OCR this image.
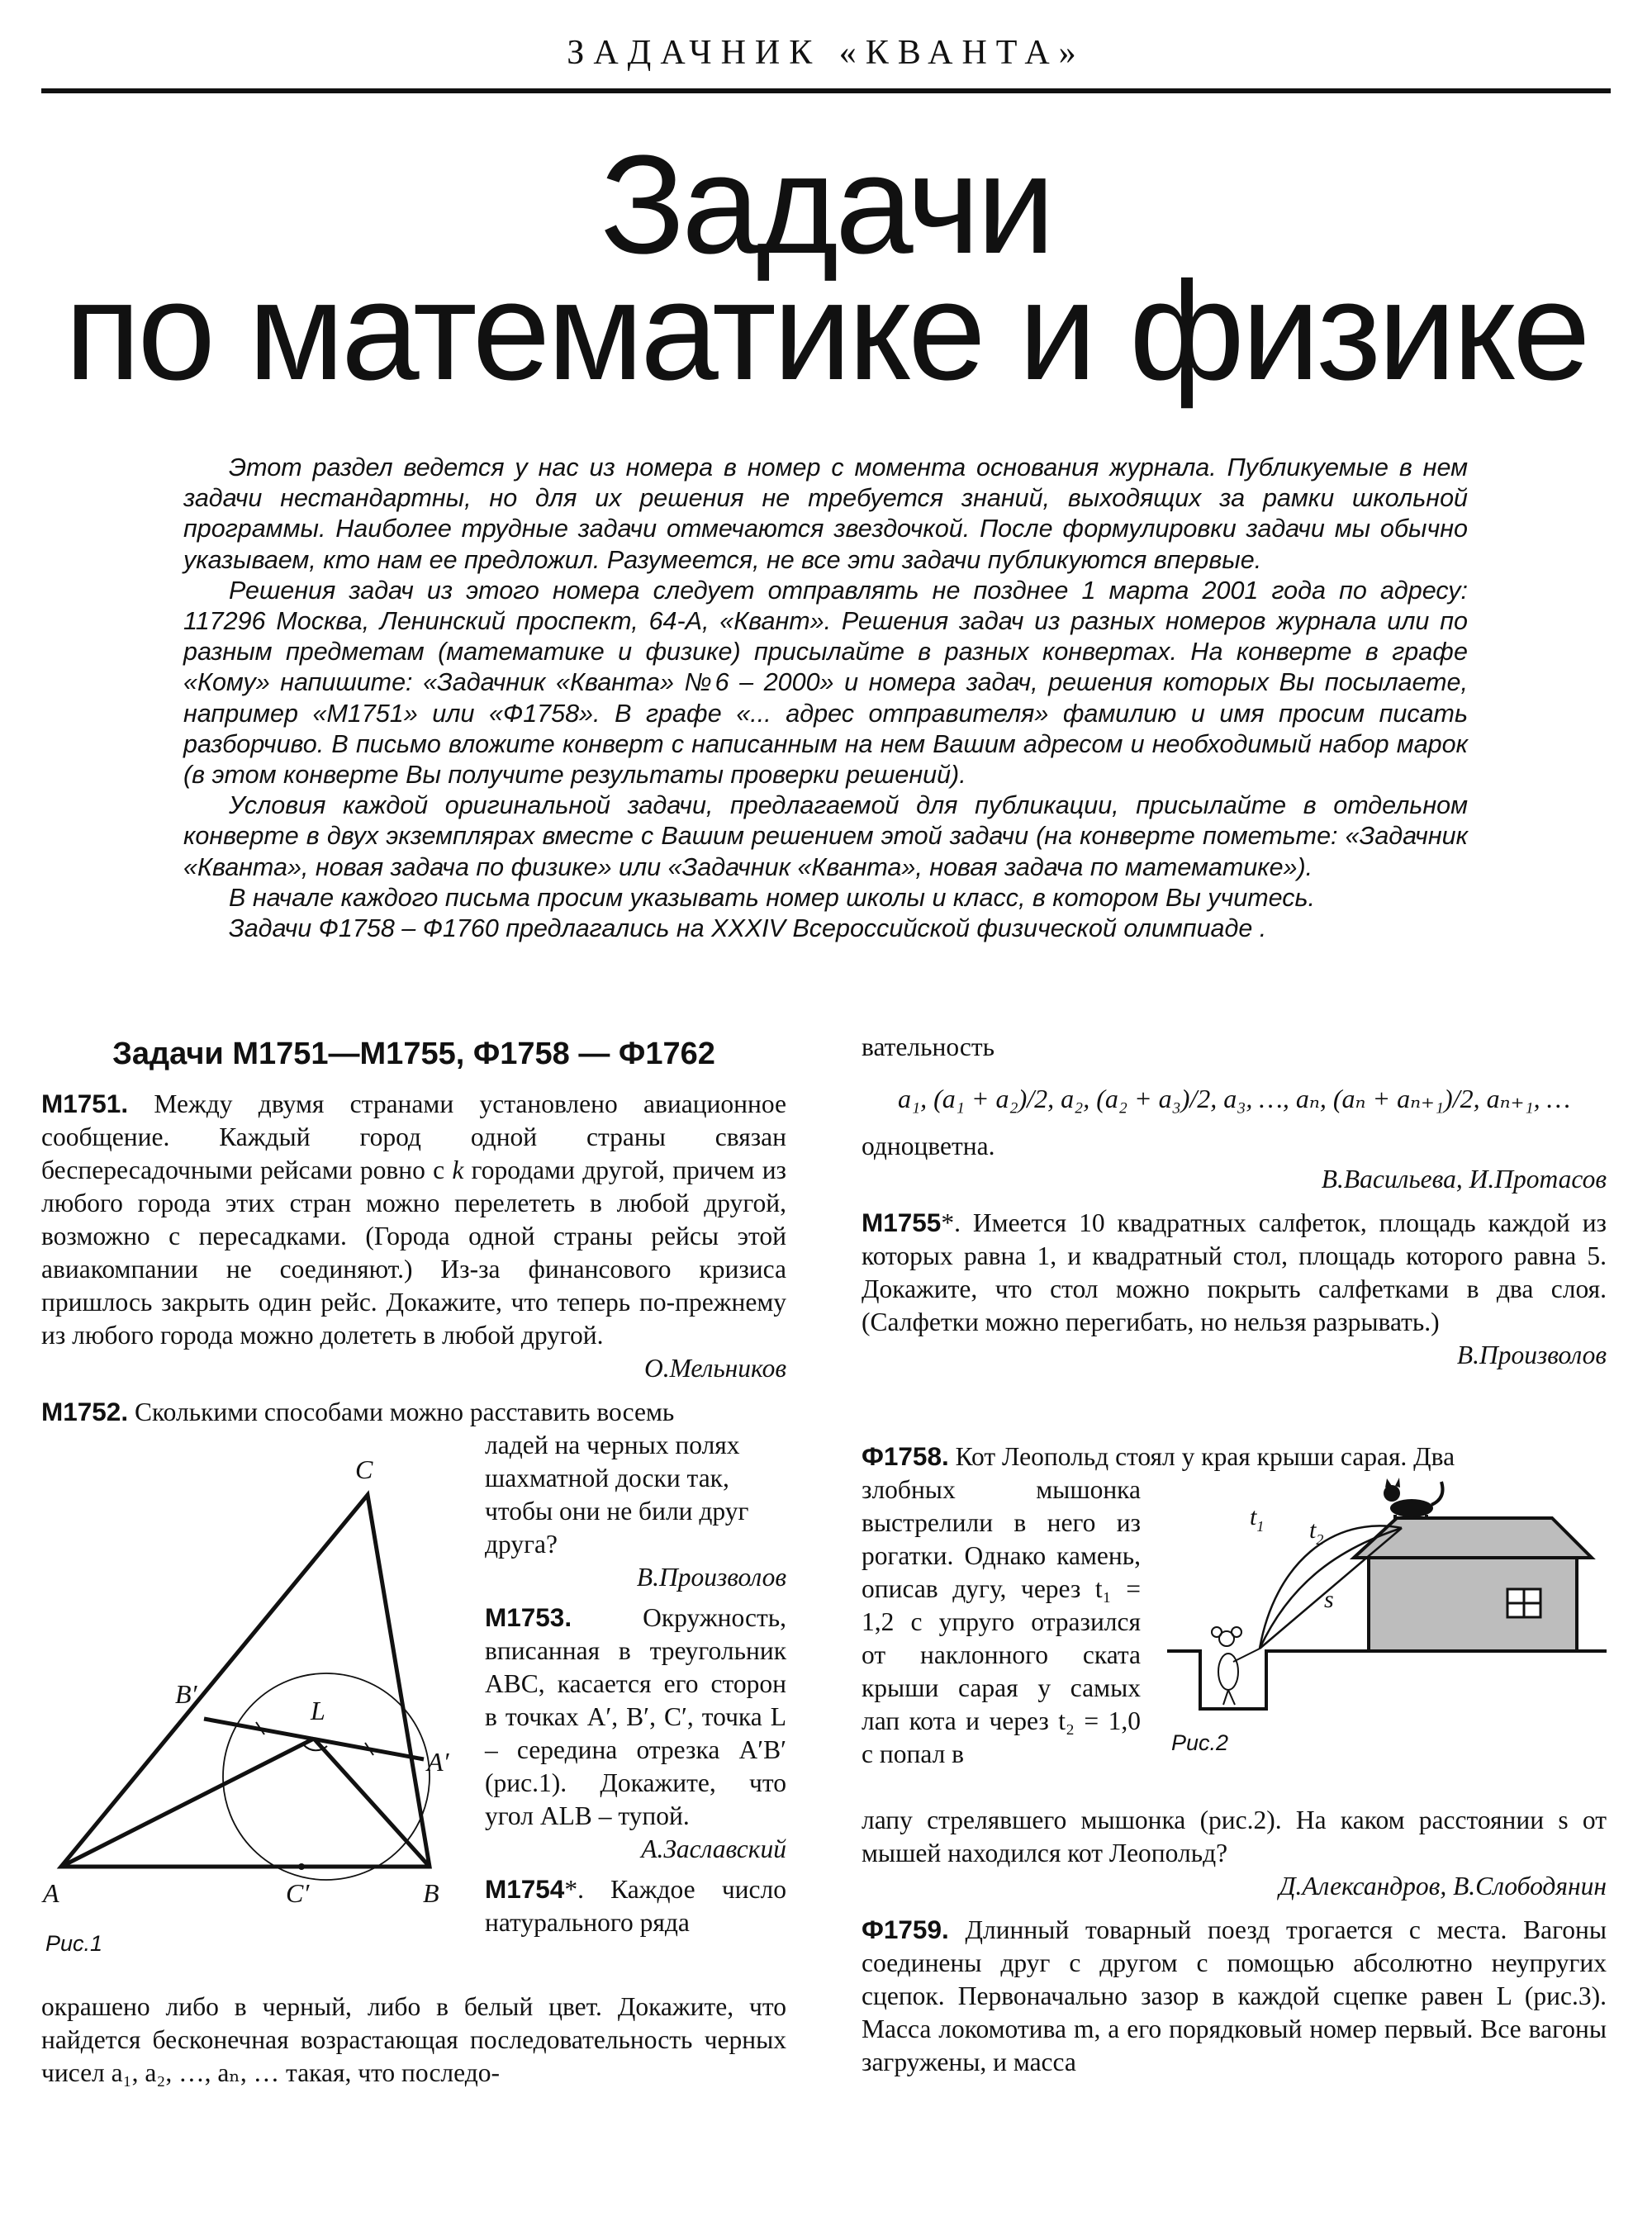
ЗАДАЧНИК «КВАНТА»
Задачи
по математике и физике

Этот раздел ведется у нас из номера в номер с момента основания журнала. Публикуемые в нем задачи нестандартны, но для их решения не требуется знаний, выходящих за рамки школьной программы. Наиболее трудные задачи отмечаются звездочкой. После формулировки задачи мы обычно указываем, кто нам ее предложил. Разумеется, не все эти задачи публикуются впервые.

Решения задач из этого номера следует отправлять не позднее 1 марта 2001 года по адресу: 117296 Москва, Ленинский проспект, 64-А, «Квант». Решения задач из разных номеров журнала или по разным предметам (математике и физике) присылайте в разных конвертах. На конверте в графе «Кому» напишите: «Задачник «Кванта» №6 – 2000» и номера задач, решения которых Вы посылаете, например «М1751» или «Ф1758». В графе «... адрес отправителя» фамилию и имя просим писать разборчиво. В письмо вложите конверт с написанным на нем Вашим адресом и необходимый набор марок (в этом конверте Вы получите результаты проверки решений).

Условия каждой оригинальной задачи, предлагаемой для публикации, присылайте в отдельном конверте в двух экземплярах вместе с Вашим решением этой задачи (на конверте пометьте: «Задачник «Кванта», новая задача по физике» или «Задачник «Кванта», новая задача по математике»).

В начале каждого письма просим указывать номер школы и класс, в котором Вы учитесь.

Задачи Ф1758 – Ф1760 предлагались на XXXIV Всероссийской физической олимпиаде .

Задачи М1751—М1755, Ф1758 — Ф1762

М1751. Между двумя странами установлено авиационное сообщение. Каждый город одной страны связан беспересадочными рейсами ровно с k городами другой, причем из любого города этих стран можно перелететь в любой другой, возможно с пересадками. (Города одной страны рейсы этой авиакомпании не соединяют.) Из-за финансового кризиса пришлось закрыть один рейс. Докажите, что теперь по-прежнему из любого города можно долететь в любой другой.

О.Мельников

М1752. Сколькими способами можно расставить восемь

A	B
C
B′
A′
C′
L
Рис.1

ладей на черных полях шахматной доски так, чтобы они не били друг друга?

В.Произволов

М1753.	Окружность, вписанная в треугольник ABC, касается его сторон в точках A′, B′, C′, точка L – середина отрезка A′B′ (рис.1). Докажите, что угол ALB – тупой.

А.Заславский

М1754*. Каждое число натурального ряда

окрашено либо в черный, либо в белый цвет. Докажите, что найдется бесконечная возрастающая последовательность черных чисел a₁, a₂, …, aₙ, … такая, что последо-

вательность

a₁, (a₁ + a₂)/2, a₂, (a₂ + a₃)/2, a₃, …, aₙ, (aₙ + aₙ₊₁)/2, aₙ₊₁, …

одноцветна.

В.Васильева, И.Протасов

М1755*. Имеется 10 квадратных салфеток, площадь каждой из которых равна 1, и квадратный стол, площадь которого равна 5. Докажите, что стол можно покрыть салфетками в два слоя. (Салфетки можно перегибать, но нельзя разрывать.)

В.Произволов

Ф1758. Кот Леопольд стоял у края крыши сарая. Два

злобных мышонка выстрелили в него из рогатки. Однако камень, описав дугу, через t₁ = 1,2 с упруго отразился от наклонного ската крыши сарая у самых лап кота и через t₂ = 1,0 с попал в

$t_1$ $t_2$
s
Рис.2

лапу стрелявшего мышонка (рис.2). На каком расстоянии s от мышей находился кот Леопольд?

Д.Александров, В.Слободянин

Ф1759. Длинный товарный поезд трогается с места. Вагоны соединены друг с другом с помощью абсолютно неупругих сцепок. Первоначально зазор в каждой сцепке равен L (рис.3). Масса локомотива m, а его порядковый номер первый. Все вагоны загружены, и масса
